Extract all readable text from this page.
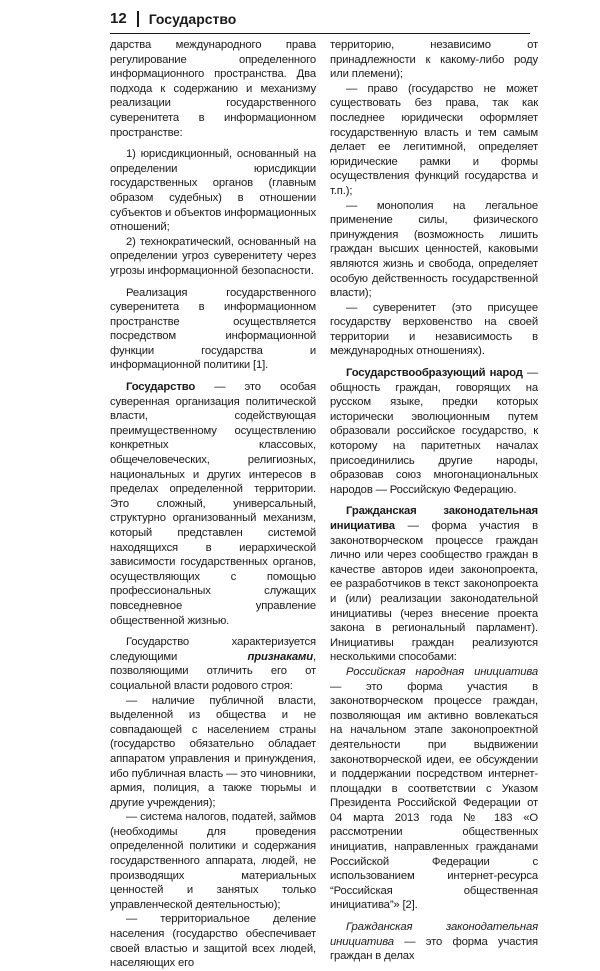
12 Государство

дарства международного права регулирование определенного информационного пространства. Два подхода к содержанию и механизму реализации государственного суверенитета в информационном пространстве:

1) юрисдикционный, основанный на определении юрисдикции государственных органов (главным образом судебных) в отношении субъектов и объектов информационных отношений;

2) технократический, основанный на определении угроз суверенитету через угрозы информационной безопасности.

Реализация государственного суверенитета в информационном пространстве осуществляется посредством информационной функции государства и информационной политики [1].

Государство — это особая суверенная организация политической власти, содействующая преимущественному осуществлению конкретных классовых, общечеловеческих, религиозных, национальных и других интересов в пределах определенной территории. Это сложный, универсальный, структурно организованный механизм, который представлен системой находящихся в иерархической зависимости государственных органов, осуществляющих с помощью профессиональных служащих повседневное управление общественной жизнью.

Государство характеризуется следующими признаками, позволяющими отличить его от социальной власти родового строя:

— наличие публичной власти, выделенной из общества и не совпадающей с населением страны (государство обязательно обладает аппаратом управления и принуждения, ибо публичная власть — это чиновники, армия, полиция, а также тюрьмы и другие учреждения);

— система налогов, податей, займов (необходимы для проведения определенной политики и содержания государственного аппарата, людей, не производящих материальных ценностей и занятых только управленческой деятельностью);

— территориальное деление населения (государство обеспечивает своей властью и защитой всех людей, населяющих его

территорию, независимо от принадлежности к какому-либо роду или племени);

— право (государство не может существовать без права, так как последнее юридически оформляет государственную власть и тем самым делает ее легитимной, определяет юридические рамки и формы осуществления функций государства и т.п.);

— монополия на легальное применение силы, физического принуждения (возможность лишить граждан высших ценностей, каковыми являются жизнь и свобода, определяет особую действенность государственной власти);

— суверенитет (это присущее государству верховенство на своей территории и независимость в международных отношениях).

Государствообразующий народ — общность граждан, говорящих на русском языке, предки которых исторически эволюционным путем образовали российское государство, к которому на паритетных началах присоединились другие народы, образовав союз многонациональных народов — Российскую Федерацию.

Гражданская законодательная инициатива — форма участия в законотворческом процессе граждан лично или через сообщество граждан в качестве авторов идеи законопроекта, ее разработчиков в текст законопроекта и (или) реализации законодательной инициативы (через внесение проекта закона в региональный парламент). Инициативы граждан реализуются несколькими способами:

Российская народная инициатива — это форма участия в законотворческом процессе граждан, позволяющая им активно вовлекаться на начальном этапе законопроектной деятельности при выдвижении законотворческой идеи, ее обсуждении и поддержании посредством интернет-площадки в соответствии с Указом Президента Российской Федерации от 04 марта 2013 года № 183 «О рассмотрении общественных инициатив, направленных гражданами Российской Федерации с использованием интернет-ресурса “Российская общественная инициатива”» [2].

Гражданская законодательная инициатива — это форма участия граждан в делах
